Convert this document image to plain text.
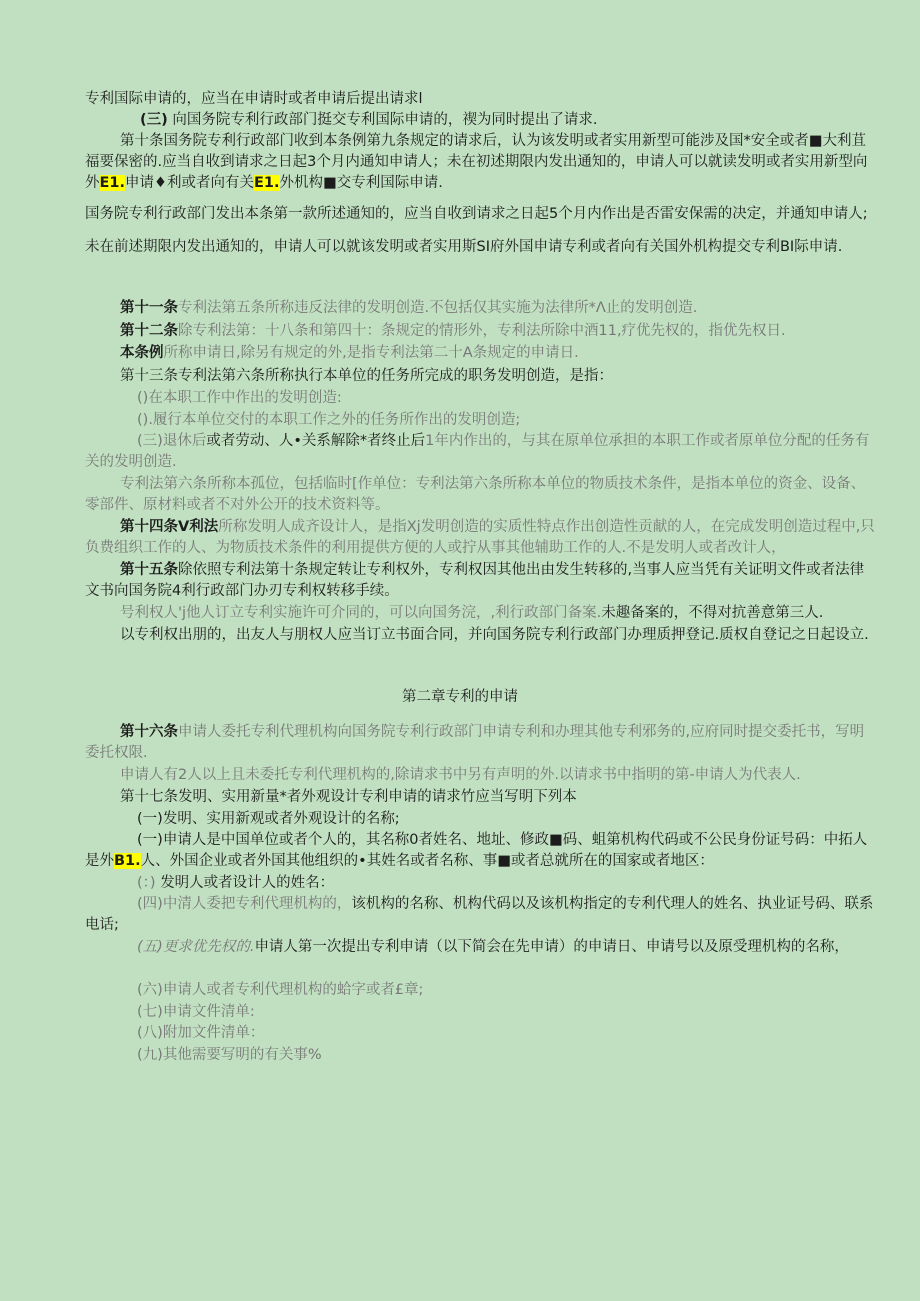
专利国际申请的，应当在申请时或者申请后提出请求l

(三) 向国务院专利行政部门挺交专利国际申请的，禊为同时提出了请求.

第十条国务院专利行政部门收到本条例第九条规定的请求后，认为该发明或者实用新型可能涉及国*安全或者■大利苴福要保密的.应当自收到请求之日起3个月内通知申请人；未在初述期限内发出通知的，申请人可以就读发明或者实用新型向外E1.申请♦利或者向有关E1.外机构■交专利国际申请.

国务院专利行政部门发出本条第一款所述通知的，应当自收到请求之日起5个月内作出是否雷安保需的决定，并通知申请人; 未在前述期限内发出通知的，申请人可以就该发明或者实用斯SI府外国申请专利或者向有关国外机构提交专利BI际申请.

第十一条专利法第五条所称违反法律的发明创造.不包括仅其实施为法律所*Λ止的发明创造.

第十二条除专利法第：十八条和第四十：条规定的情形外，专利法所除中酒11,疗优先权的，指优先权日.

本条例所称申请日,除另有规定的外,是指专利法第二十A条规定的申请日.

第十三条专利法第六条所称执行本单位的任务所完成的职务发明创造，是指：

()在本职工作中作出的发明创造:

().履行本单位交付的本职工作之外的任务所作出的发明创造;

(三)退休后或者劳动、人•关系解除*者终止后1年内作出的，与其在原单位承担的本职工作或者原单位分配的任务有关的发明创造.

专利法第六条所称本孤位，包括临时[作单位：专利法第六条所称本单位的物质技术条件，是指本单位的资金、设备、零部件、原材料或者不对外公开的技术资料等。

第十四条V利法所称发明人成齐设计人，是指Xj发明创造的实质性特点作出创造性贡献的人，在完成发明创造过程中,只负费组织工作的人、为物质技术条件的利用提供方便的人或拧从事其他辅助工作的人.不是发明人或者改计人，

第十五条除依照专利法第十条规定转让专利权外，专利权因其他出由发生转移的,当事人应当凭有关证明文件或者法律文书向国务院4利行政部门办刃专利权转移手续。

号利权人'j他人订立专利实施许可介同的，可以向国务浣，,利行政部门备案.未趣备案的，不得对抗善意第三人.

以专利权出朋的，出友人与朋权人应当订立书面合同，并向国务院专利行政部门办理质押登记.质权自登记之日起设立.

第二章专利的申请

第十六条申请人委托专利代理机构向国务院专利行政部门申请专利和办理其他专利邪务的,应府同时提交委托书，写明委托权限.

申请人有2人以上且未委托专利代理机构的,除请求书中另有声明的外.以请求书中指明的第-申请人为代表人.

第十七条发明、实用新量*者外观设计专利申请的请求竹应当写明下列本

(一)发明、实用新观或者外观设计的名称;

(一)申请人是中国单位或者个人的，其名称0者姓名、地址、修政■码、蛆第机构代码或不公民身份证号码：中拓人是外B1.人、外国企业或者外国其他组织的•其姓名或者名称、事■或者总就所在的国家或者地区：

(：) 发明人或者设计人的姓名：

(四)中清人委把专利代理机构的，该机构的名称、机构代码以及该机构指定的专利代理人的姓名、执业证号码、联系电话;

(五)更求优先权的.申请人第一次提出专利申请（以下简会在先申请）的申请日、申请号以及原受理机构的名称，

(六)申请人或者专利代理机构的蛤字或者£章;

(七)申请文件清单:

(八)附加文件清单：

(九)其他需要写明的有关事%
